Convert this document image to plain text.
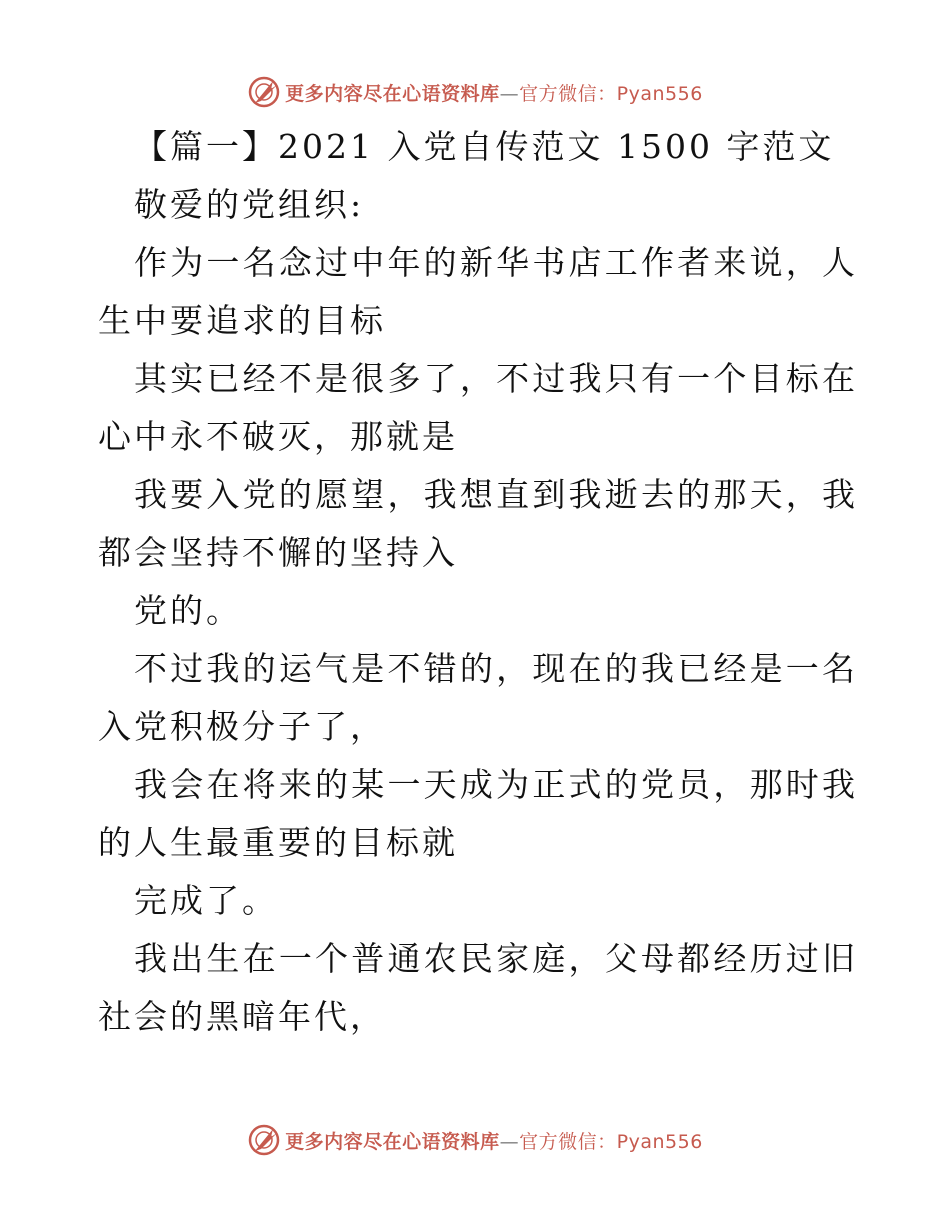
更多内容尽在心语资料库—官方微信：Pyan556

【篇一】2021 入党自传范文 1500 字范文

敬爱的党组织:

作为一名念过中年的新华书店工作者来说，人生中要追求的目标

其实已经不是很多了，不过我只有一个目标在心中永不破灭，那就是

我要入党的愿望，我想直到我逝去的那天，我都会坚持不懈的坚持入

党的。

不过我的运气是不错的，现在的我已经是一名入党积极分子了，

我会在将来的某一天成为正式的党员，那时我的人生最重要的目标就

完成了。

我出生在一个普通农民家庭，父母都经历过旧社会的黑暗年代，

更多内容尽在心语资料库—官方微信：Pyan556
